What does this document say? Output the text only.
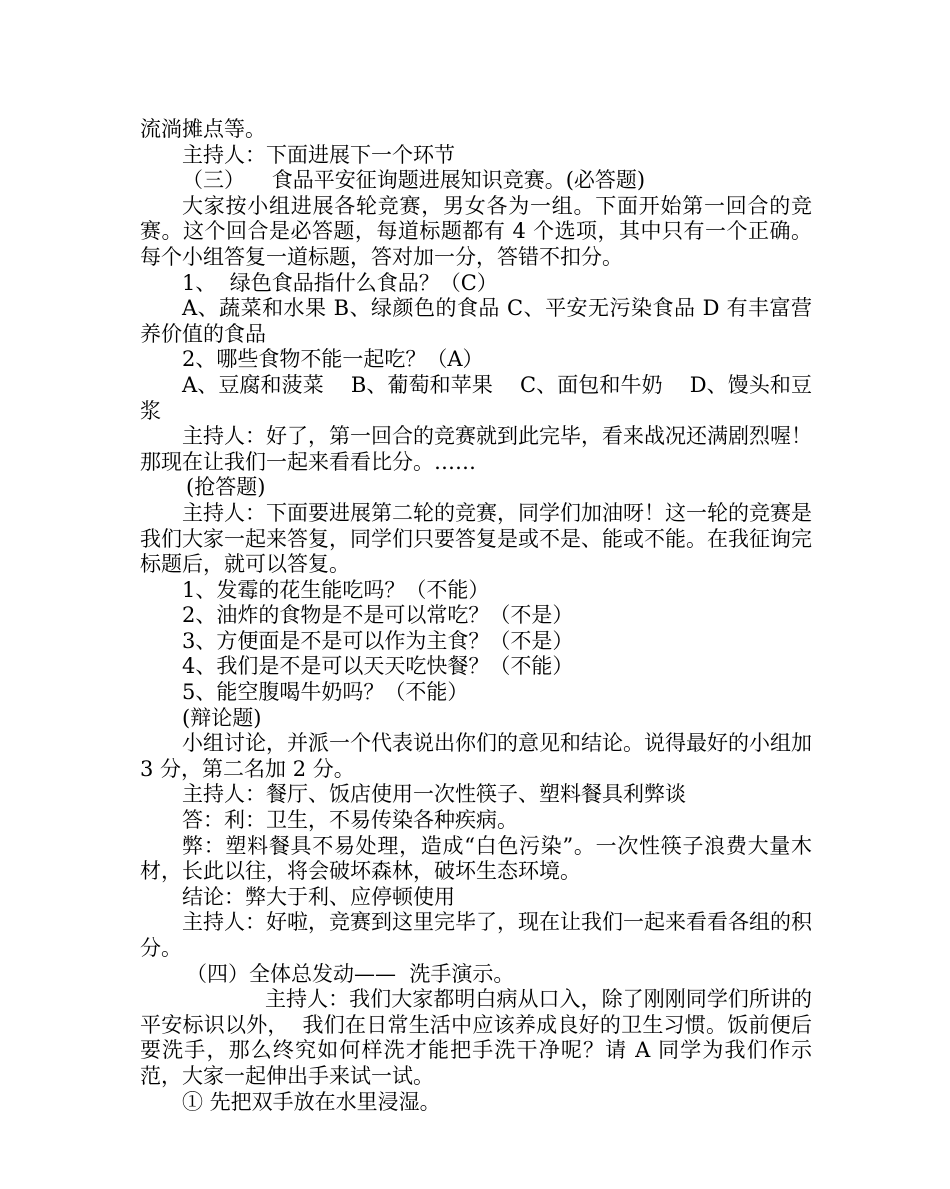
流淌摊点等。

主持人：下面进展下一个环节

（三）    食品平安征询题进展知识竞赛。(必答题)

大家按小组进展各轮竞赛，男女各为一组。下面开始第一回合的竞赛。这个回合是必答题，每道标题都有 4 个选项，其中只有一个正确。每个小组答复一道标题，答对加一分，答错不扣分。

1、  绿色食品指什么食品？（C）

A、蔬菜和水果 B、绿颜色的食品 C、平安无污染食品 D 有丰富营养价值的食品

2、哪些食物不能一起吃？（A）

A、豆腐和菠菜    B、葡萄和苹果    C、面包和牛奶    D、馒头和豆浆

主持人：好了，第一回合的竞赛就到此完毕，看来战况还满剧烈喔！那现在让我们一起来看看比分。……

(抢答题)

主持人：下面要进展第二轮的竞赛，同学们加油呀！这一轮的竞赛是我们大家一起来答复，同学们只要答复是或不是、能或不能。在我征询完标题后，就可以答复。

1、发霉的花生能吃吗？（不能）

2、油炸的食物是不是可以常吃？（不是）

3、方便面是不是可以作为主食？（不是）

4、我们是不是可以天天吃快餐？（不能）

5、能空腹喝牛奶吗？（不能）

(辩论题)

小组讨论，并派一个代表说出你们的意见和结论。说得最好的小组加 3 分，第二名加 2 分。

主持人：餐厅、饭店使用一次性筷子、塑料餐具利弊谈

答：利：卫生，不易传染各种疾病。

弊：塑料餐具不易处理，造成“白色污染”。一次性筷子浪费大量木材，长此以往，将会破坏森林，破坏生态环境。

结论：弊大于利、应停顿使用

主持人：好啦，竞赛到这里完毕了，现在让我们一起来看看各组的积分。

（四）全体总发动——  洗手演示。

主持人：我们大家都明白病从口入，除了刚刚同学们所讲的平安标识以外，  我们在日常生活中应该养成良好的卫生习惯。饭前便后要洗手，那么终究如何样洗才能把手洗干净呢？请 A 同学为我们作示范，大家一起伸出手来试一试。

① 先把双手放在水里浸湿。
